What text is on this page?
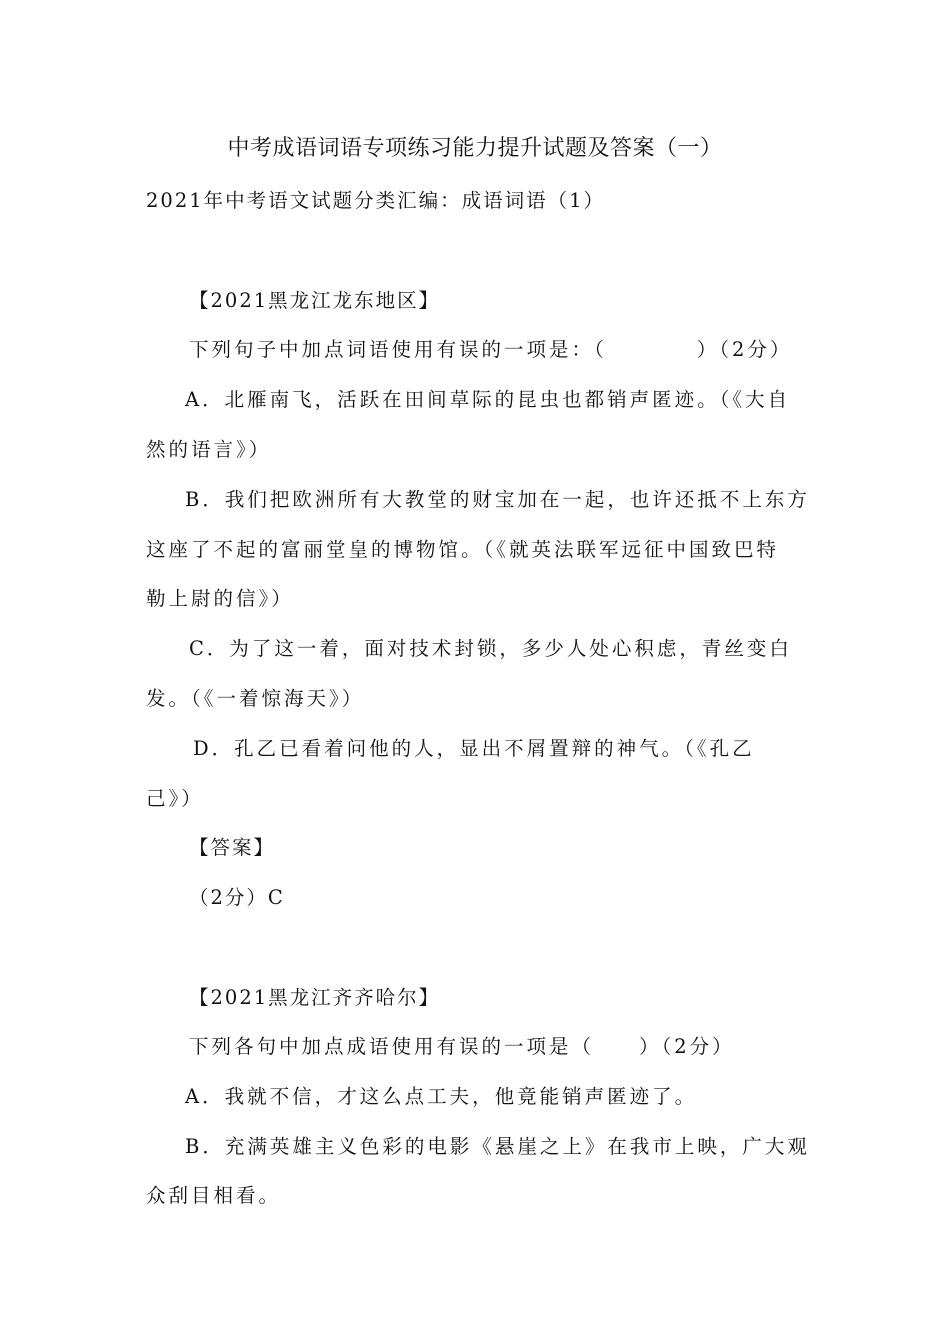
中考成语词语专项练习能力提升试题及答案（一）

2021年中考语文试题分类汇编：成语词语（1）

【2021黑龙江龙东地区】

下列句子中加点词语使用有误的一项是：（　　　　）（2分）

A．北雁南飞，活跃在田间草际的昆虫也都销声匿迹。（《大自

然的语言》）

B．我们把欧洲所有大教堂的财宝加在一起，也许还抵不上东方

这座了不起的富丽堂皇的博物馆。（《就英法联军远征中国致巴特

勒上尉的信》）

C．为了这一着，面对技术封锁，多少人处心积虑，青丝变白

发。（《一着惊海天》）

D．孔乙已看着问他的人，显出不屑置辩的神气。（《孔乙

己》）

【答案】

（2分）C

【2021黑龙江齐齐哈尔】

下列各句中加点成语使用有误的一项是（　　）（2分）

A．我就不信，才这么点工夫，他竟能销声匿迹了。

B．充满英雄主义色彩的电影《悬崖之上》在我市上映，广大观

众刮目相看。
